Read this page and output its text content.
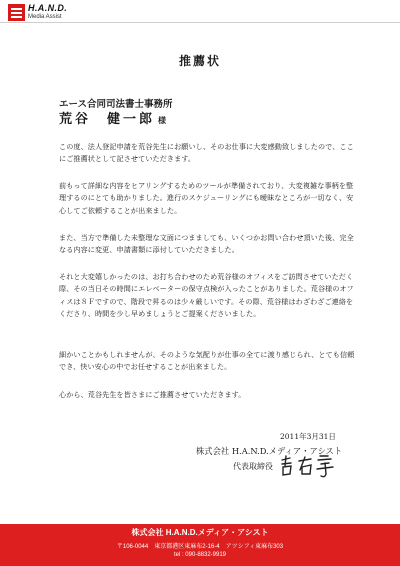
H.A.N.D.
Media Assist
推薦状
エース合同司法書士事務所
荒谷　健一郎 様

この度、法人登記申請を荒谷先生にお願いし、そのお仕事に大変感動致しましたので、ここにご推薦状として記させていただきます。

前もって詳細な内容をヒアリングするためのツールが準備されており、大変複雑な事柄を整理するのにとても助かりました。進行のスケジューリングにも曖昧なところが一切なく、安心してご依頼することが出来ました。

また、当方で準備した未整理な文面につまましても、いくつかお問い合わせ頂いた後、完全なる内容に変更、申請書類に添付していただきました。

それと大変嬉しかったのは、お打ち合わせのため荒谷様のオフィスをご訪問させていただく際、その当日その時間にエレベーターの保守点検が入ったことがありました。荒谷様のオフィスは８Ｆですので、階段で昇るのは少々厳しいです。その際、荒谷様はわざわざご連絡をくださり、時間を少し早めましょうとご提案くださいました。

細かいことかもしれませんが、そのような気配りが仕事の全てに渡り感じられ、とても信頼でき、快い安心の中でお任せすることが出来ました。

心から、荒谷先生を皆さまにご推薦させていただきます。

2011年3月31日
株式会社 H.A.N.D.メディア・アシスト
代表取締役
株式会社 H.A.N.D.メディア・アシスト
〒106-0044　東京都港区東麻布2-16-4　アツシフィ東麻布303
tel : 090-8832-9919
